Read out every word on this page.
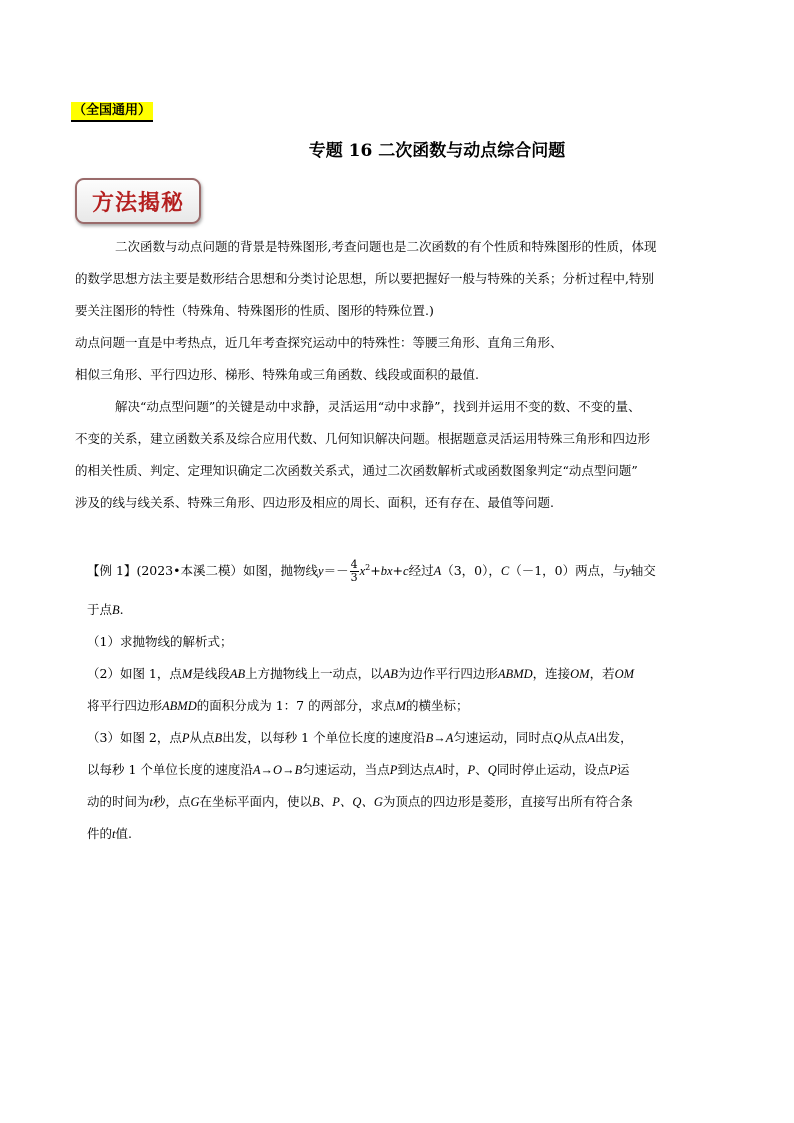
（全国通用）
专题 16 二次函数与动点综合问题
方法揭秘
二次函数与动点问题的背景是特殊图形,考查问题也是二次函数的有个性质和特殊图形的性质，体现
的数学思想方法主要是数形结合思想和分类讨论思想，所以要把握好一般与特殊的关系；分析过程中,特别
要关注图形的特性（特殊角、特殊图形的性质、图形的特殊位置.)
动点问题一直是中考热点，近几年考查探究运动中的特殊性：等腰三角形、直角三角形、
相似三角形、平行四边形、梯形、特殊角或三角函数、线段或面积的最值.
解决“动点型问题”的关键是动中求静，灵活运用“动中求静”，找到并运用不变的数、不变的量、
不变的关系，建立函数关系及综合应用代数、几何知识解决问题。根据题意灵活运用特殊三角形和四边形
的相关性质、判定、定理知识确定二次函数关系式，通过二次函数解析式或函数图象判定“动点型问题”
涉及的线与线关系、特殊三角形、四边形及相应的周长、面积，还有存在、最值等问题.
【例 1】(2023•本溪二模）如图，抛物线$y=- \frac{4}{3} x^2+bx+c$经过A（3，0），C（－1，0）两点，与y轴交
于点B.
（1）求抛物线的解析式；
（2）如图 1，点M是线段AB上方抛物线上一动点，以AB为边作平行四边形ABMD，连接OM，若OM
将平行四边形ABMD的面积分成为 1：7 的两部分，求点M的横坐标；
（3）如图 2，点P从点B出发，以每秒 1 个单位长度的速度沿B→A匀速运动，同时点Q从点A出发，
以每秒 1 个单位长度的速度沿A→O→B匀速运动，当点P到达点A时，P、Q同时停止运动，设点P运
动的时间为t秒，点G在坐标平面内，使以B、P、Q、G为顶点的四边形是菱形，直接写出所有符合条
件的t值.
